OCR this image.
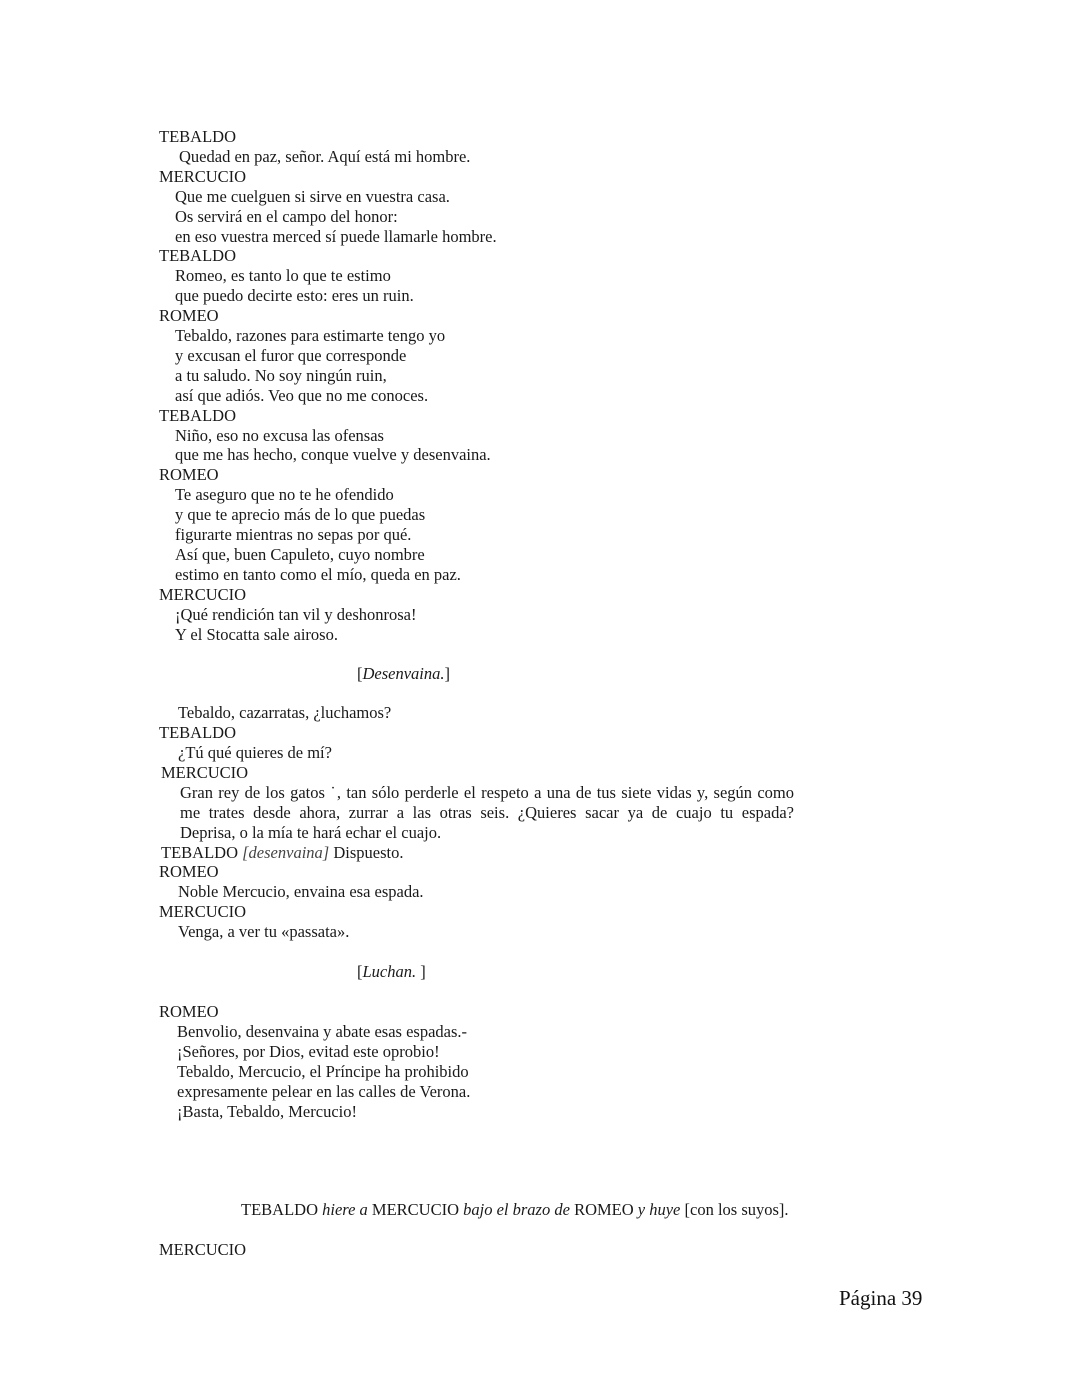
TEBALDO
Quedad en paz, señor. Aquí está mi hombre.
MERCUCIO
Que me cuelguen si sirve en vuestra casa.
Os servirá en el campo del honor:
en eso vuestra merced sí puede llamarle hombre.
TEBALDO
Romeo, es tanto lo que te estimo
que puedo decirte esto: eres un ruin.
ROMEO
Tebaldo, razones para estimarte tengo yo
y excusan el furor que corresponde
a tu saludo. No soy ningún ruin,
así que adiós. Veo que no me conoces.
TEBALDO
Niño, eso no excusa las ofensas
que me has hecho, conque vuelve y desenvaina.
ROMEO
Te aseguro que no te he ofendido
y que te aprecio más de lo que puedas
figurarte mientras no sepas por qué.
Así que, buen Capuleto, cuyo nombre
estimo en tanto como el mío, queda en paz.
MERCUCIO
¡Qué rendición tan vil y deshonrosa!
Y el Stocatta sale airoso.
[Desenvaina.]
Tebaldo, cazarratas, ¿luchamos?
TEBALDO
¿Tú qué quieres de mí?
MERCUCIO
Gran rey de los gatos ˙, tan sólo perderle el respeto a una de tus siete vidas y, según como
me trates desde ahora, zurrar a las otras seis. ¿Quieres sacar ya de cuajo tu espada?
Deprisa, o la mía te hará echar el cuajo.
TEBALDO [desenvaina] Dispuesto.
ROMEO
Noble Mercucio, envaina esa espada.
MERCUCIO
Venga, a ver tu «passata».
[Luchan. ]
ROMEO
Benvolio, desenvaina y abate esas espadas.-
¡Señores, por Dios, evitad este oprobio!
Tebaldo, Mercucio, el Príncipe ha prohibido
expresamente pelear en las calles de Verona.
¡Basta, Tebaldo, Mercucio!
TEBALDO hiere a MERCUCIO bajo el brazo de ROMEO y huye [con los suyos].
MERCUCIO
Página 39
